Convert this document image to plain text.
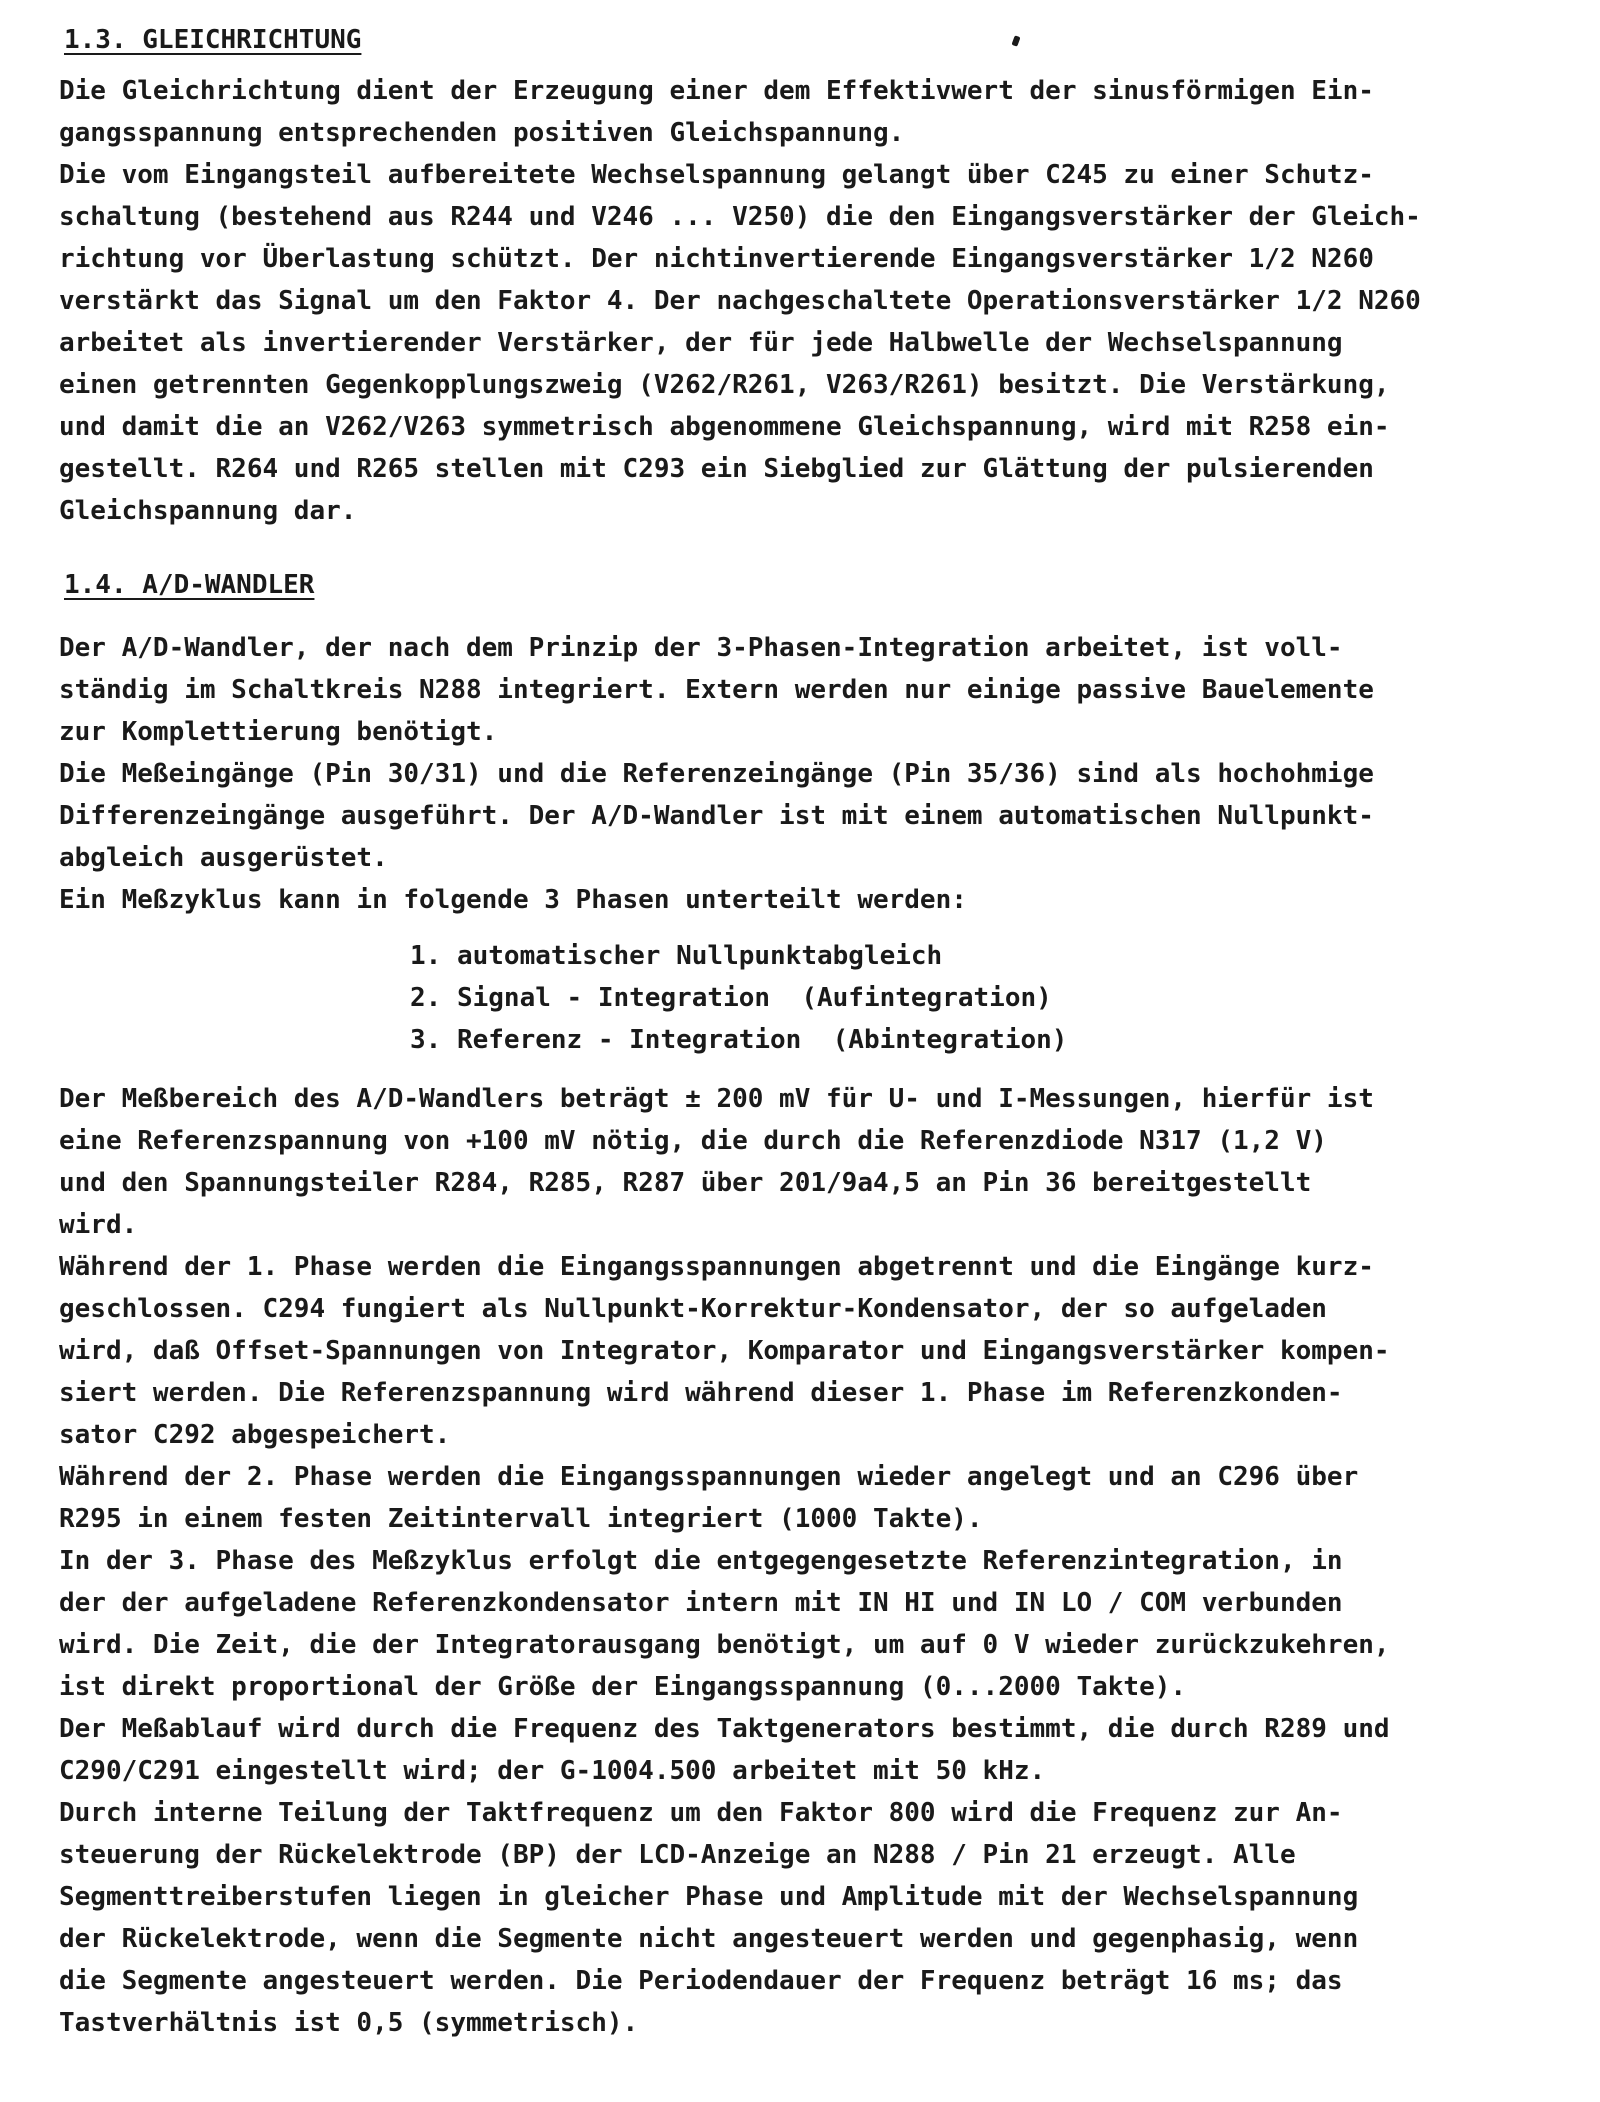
1.3. GLEICHRICHTUNG
Die Gleichrichtung dient der Erzeugung einer dem Effektivwert der sinusförmigen Ein-
gangsspannung entsprechenden positiven Gleichspannung.
Die vom Eingangsteil aufbereitete Wechselspannung gelangt über C245 zu einer Schutz-
schaltung (bestehend aus R244 und V246 ... V250) die den Eingangsverstärker der Gleich-
richtung vor Überlastung schützt. Der nichtinvertierende Eingangsverstärker 1/2 N260
verstärkt das Signal um den Faktor 4. Der nachgeschaltete Operationsverstärker 1/2 N260
arbeitet als invertierender Verstärker, der für jede Halbwelle der Wechselspannung
einen getrennten Gegenkopplungszweig (V262/R261, V263/R261) besitzt. Die Verstärkung,
und damit die an V262/V263 symmetrisch abgenommene Gleichspannung, wird mit R258 ein-
gestellt. R264 und R265 stellen mit C293 ein Siebglied zur Glättung der pulsierenden
Gleichspannung dar.
1.4. A/D-WANDLER
Der A/D-Wandler, der nach dem Prinzip der 3-Phasen-Integration arbeitet, ist voll-
ständig im Schaltkreis N288 integriert. Extern werden nur einige passive Bauelemente
zur Komplettierung benötigt.
Die Meßeingänge (Pin 30/31) und die Referenzeingänge (Pin 35/36) sind als hochohmige
Differenzeingänge ausgeführt. Der A/D-Wandler ist mit einem automatischen Nullpunkt-
abgleich ausgerüstet.
Ein Meßzyklus kann in folgende 3 Phasen unterteilt werden:
1. automatischer Nullpunktabgleich
2. Signal - Integration  (Aufintegration)
3. Referenz - Integration  (Abintegration)
Der Meßbereich des A/D-Wandlers beträgt ± 200 mV für U- und I-Messungen, hierfür ist
eine Referenzspannung von +100 mV nötig, die durch die Referenzdiode N317 (1,2 V)
und den Spannungsteiler R284, R285, R287 über 201/9a4,5 an Pin 36 bereitgestellt
wird.
Während der 1. Phase werden die Eingangsspannungen abgetrennt und die Eingänge kurz-
geschlossen. C294 fungiert als Nullpunkt-Korrektur-Kondensator, der so aufgeladen
wird, daß Offset-Spannungen von Integrator, Komparator und Eingangsverstärker kompen-
siert werden. Die Referenzspannung wird während dieser 1. Phase im Referenzkonden-
sator C292 abgespeichert.
Während der 2. Phase werden die Eingangsspannungen wieder angelegt und an C296 über
R295 in einem festen Zeitintervall integriert (1000 Takte).
In der 3. Phase des Meßzyklus erfolgt die entgegengesetzte Referenzintegration, in
der der aufgeladene Referenzkondensator intern mit IN HI und IN LO / COM verbunden
wird. Die Zeit, die der Integratorausgang benötigt, um auf 0 V wieder zurückzukehren,
ist direkt proportional der Größe der Eingangsspannung (0...2000 Takte).
Der Meßablauf wird durch die Frequenz des Taktgenerators bestimmt, die durch R289 und
C290/C291 eingestellt wird; der G-1004.500 arbeitet mit 50 kHz.
Durch interne Teilung der Taktfrequenz um den Faktor 800 wird die Frequenz zur An-
steuerung der Rückelektrode (BP) der LCD-Anzeige an N288 / Pin 21 erzeugt. Alle
Segmenttreiberstufen liegen in gleicher Phase und Amplitude mit der Wechselspannung
der Rückelektrode, wenn die Segmente nicht angesteuert werden und gegenphasig, wenn
die Segmente angesteuert werden. Die Periodendauer der Frequenz beträgt 16 ms; das
Tastverhältnis ist 0,5 (symmetrisch).
